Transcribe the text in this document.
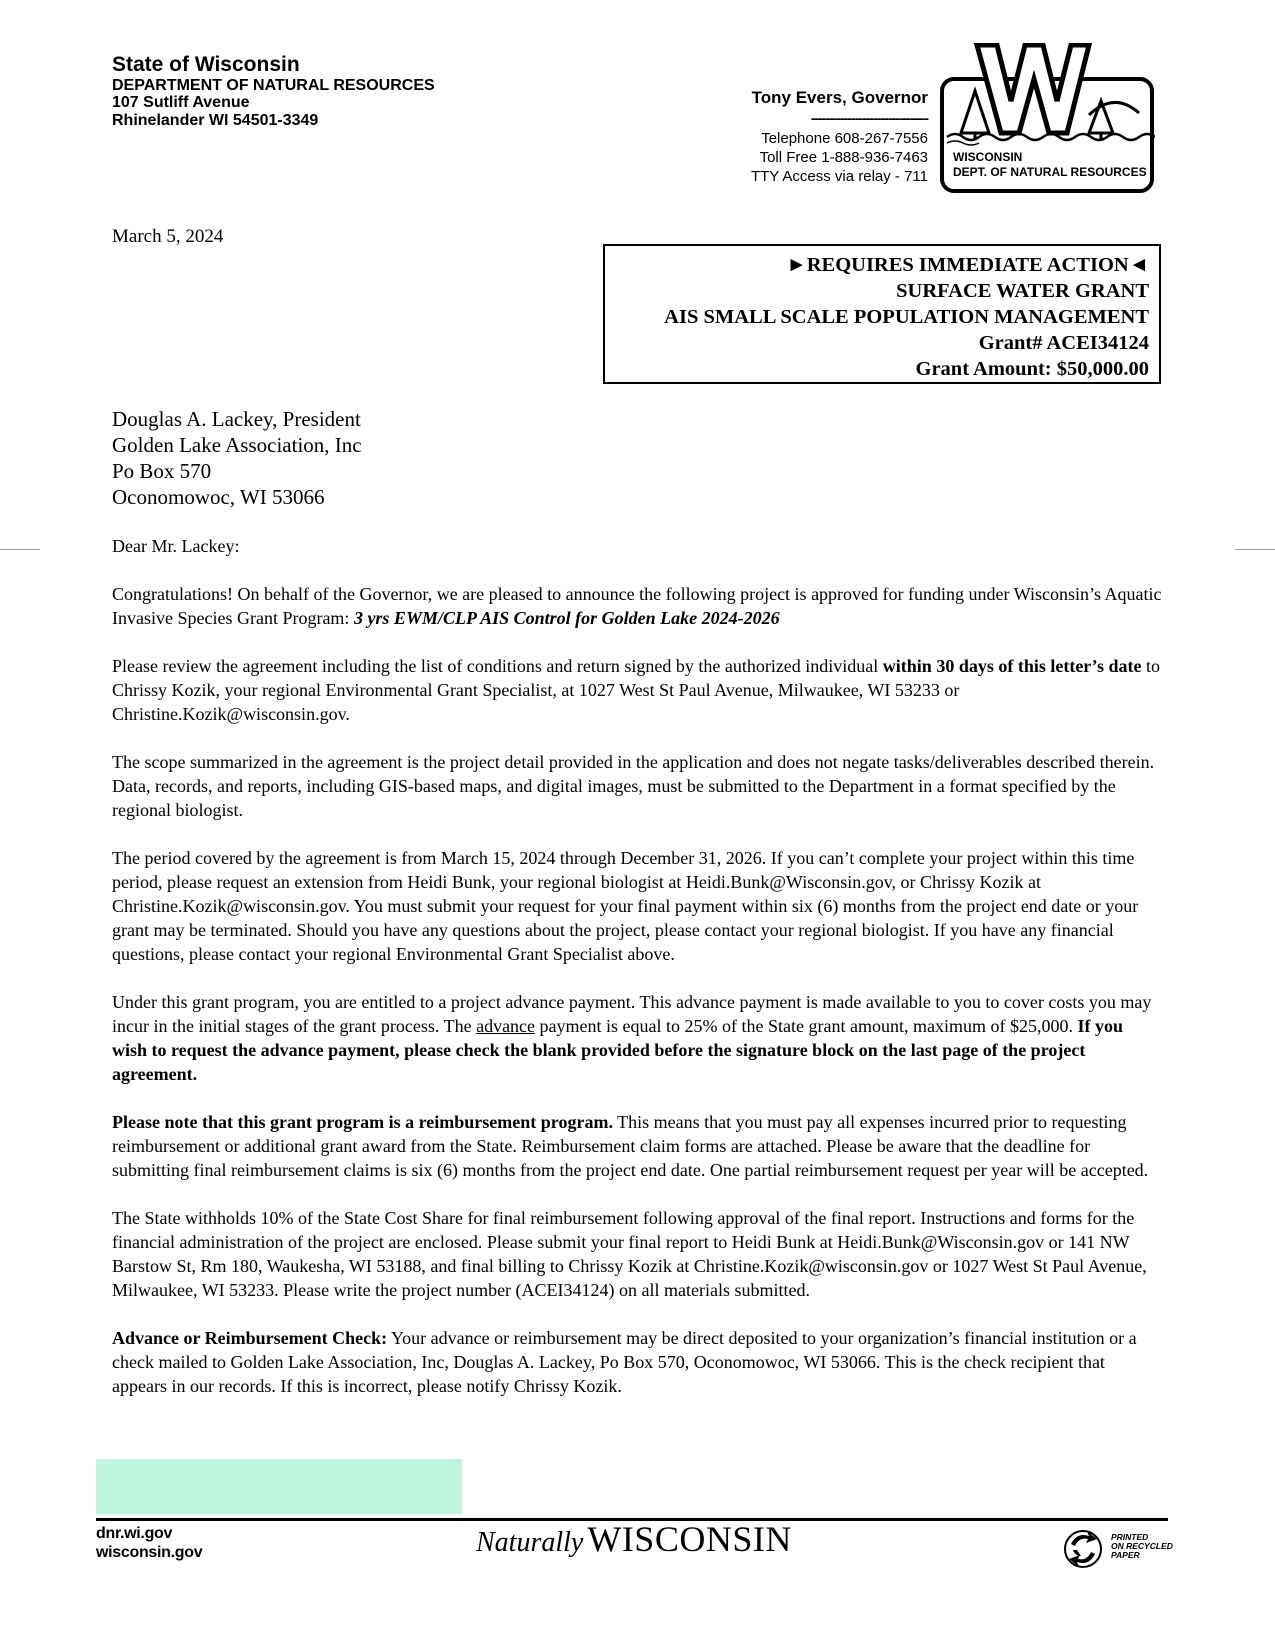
State of Wisconsin
DEPARTMENT OF NATURAL RESOURCES
107 Sutliff Avenue
Rhinelander WI 54501-3349
Tony Evers, Governor
--------------------------------
Telephone 608-267-7556
Toll Free 1-888-936-7463
TTY Access via relay - 711
WISCONSIN
DEPT. OF NATURAL RESOURCES
March 5, 2024
►REQUIRES IMMEDIATE ACTION◄
SURFACE WATER GRANT
AIS SMALL SCALE POPULATION MANAGEMENT
Grant# ACEI34124
Grant Amount: $50,000.00
Douglas A. Lackey, President
Golden Lake Association, Inc
Po Box 570
Oconomowoc, WI 53066

Dear Mr. Lackey:

Congratulations! On behalf of the Governor, we are pleased to announce the following project is approved for funding under Wisconsin’s Aquatic Invasive Species Grant Program: 3 yrs EWM/CLP AIS Control for Golden Lake 2024-2026

Please review the agreement including the list of conditions and return signed by the authorized individual within 30 days of this letter’s date to Chrissy Kozik, your regional Environmental Grant Specialist, at 1027 West St Paul Avenue, Milwaukee, WI 53233 or Christine.Kozik@wisconsin.gov.

The scope summarized in the agreement is the project detail provided in the application and does not negate tasks/deliverables described therein. Data, records, and reports, including GIS-based maps, and digital images, must be submitted to the Department in a format specified by the regional biologist.

The period covered by the agreement is from March 15, 2024 through December 31, 2026. If you can’t complete your project within this time period, please request an extension from Heidi Bunk, your regional biologist at Heidi.Bunk@Wisconsin.gov, or Chrissy Kozik at Christine.Kozik@wisconsin.gov. You must submit your request for your final payment within six (6) months from the project end date or your grant may be terminated. Should you have any questions about the project, please contact your regional biologist. If you have any financial questions, please contact your regional Environmental Grant Specialist above.

Under this grant program, you are entitled to a project advance payment. This advance payment is made available to you to cover costs you may incur in the initial stages of the grant process. The advance payment is equal to 25% of the State grant amount, maximum of $25,000. If you wish to request the advance payment, please check the blank provided before the signature block on the last page of the project agreement.

Please note that this grant program is a reimbursement program. This means that you must pay all expenses incurred prior to requesting reimbursement or additional grant award from the State. Reimbursement claim forms are attached. Please be aware that the deadline for submitting final reimbursement claims is six (6) months from the project end date. One partial reimbursement request per year will be accepted.

The State withholds 10% of the State Cost Share for final reimbursement following approval of the final report. Instructions and forms for the financial administration of the project are enclosed. Please submit your final report to Heidi Bunk at Heidi.Bunk@Wisconsin.gov or 141 NW Barstow St, Rm 180, Waukesha, WI 53188, and final billing to Chrissy Kozik at Christine.Kozik@wisconsin.gov or 1027 West St Paul Avenue, Milwaukee, WI 53233. Please write the project number (ACEI34124) on all materials submitted.

Advance or Reimbursement Check: Your advance or reimbursement may be direct deposited to your organization’s financial institution or a check mailed to Golden Lake Association, Inc, Douglas A. Lackey, Po Box 570, Oconomowoc, WI 53066. This is the check recipient that appears in our records. If this is incorrect, please notify Chrissy Kozik.

dnr.wi.gov
wisconsin.gov	Naturally WISCONSIN	PRINTED
ON RECYCLED
PAPER
